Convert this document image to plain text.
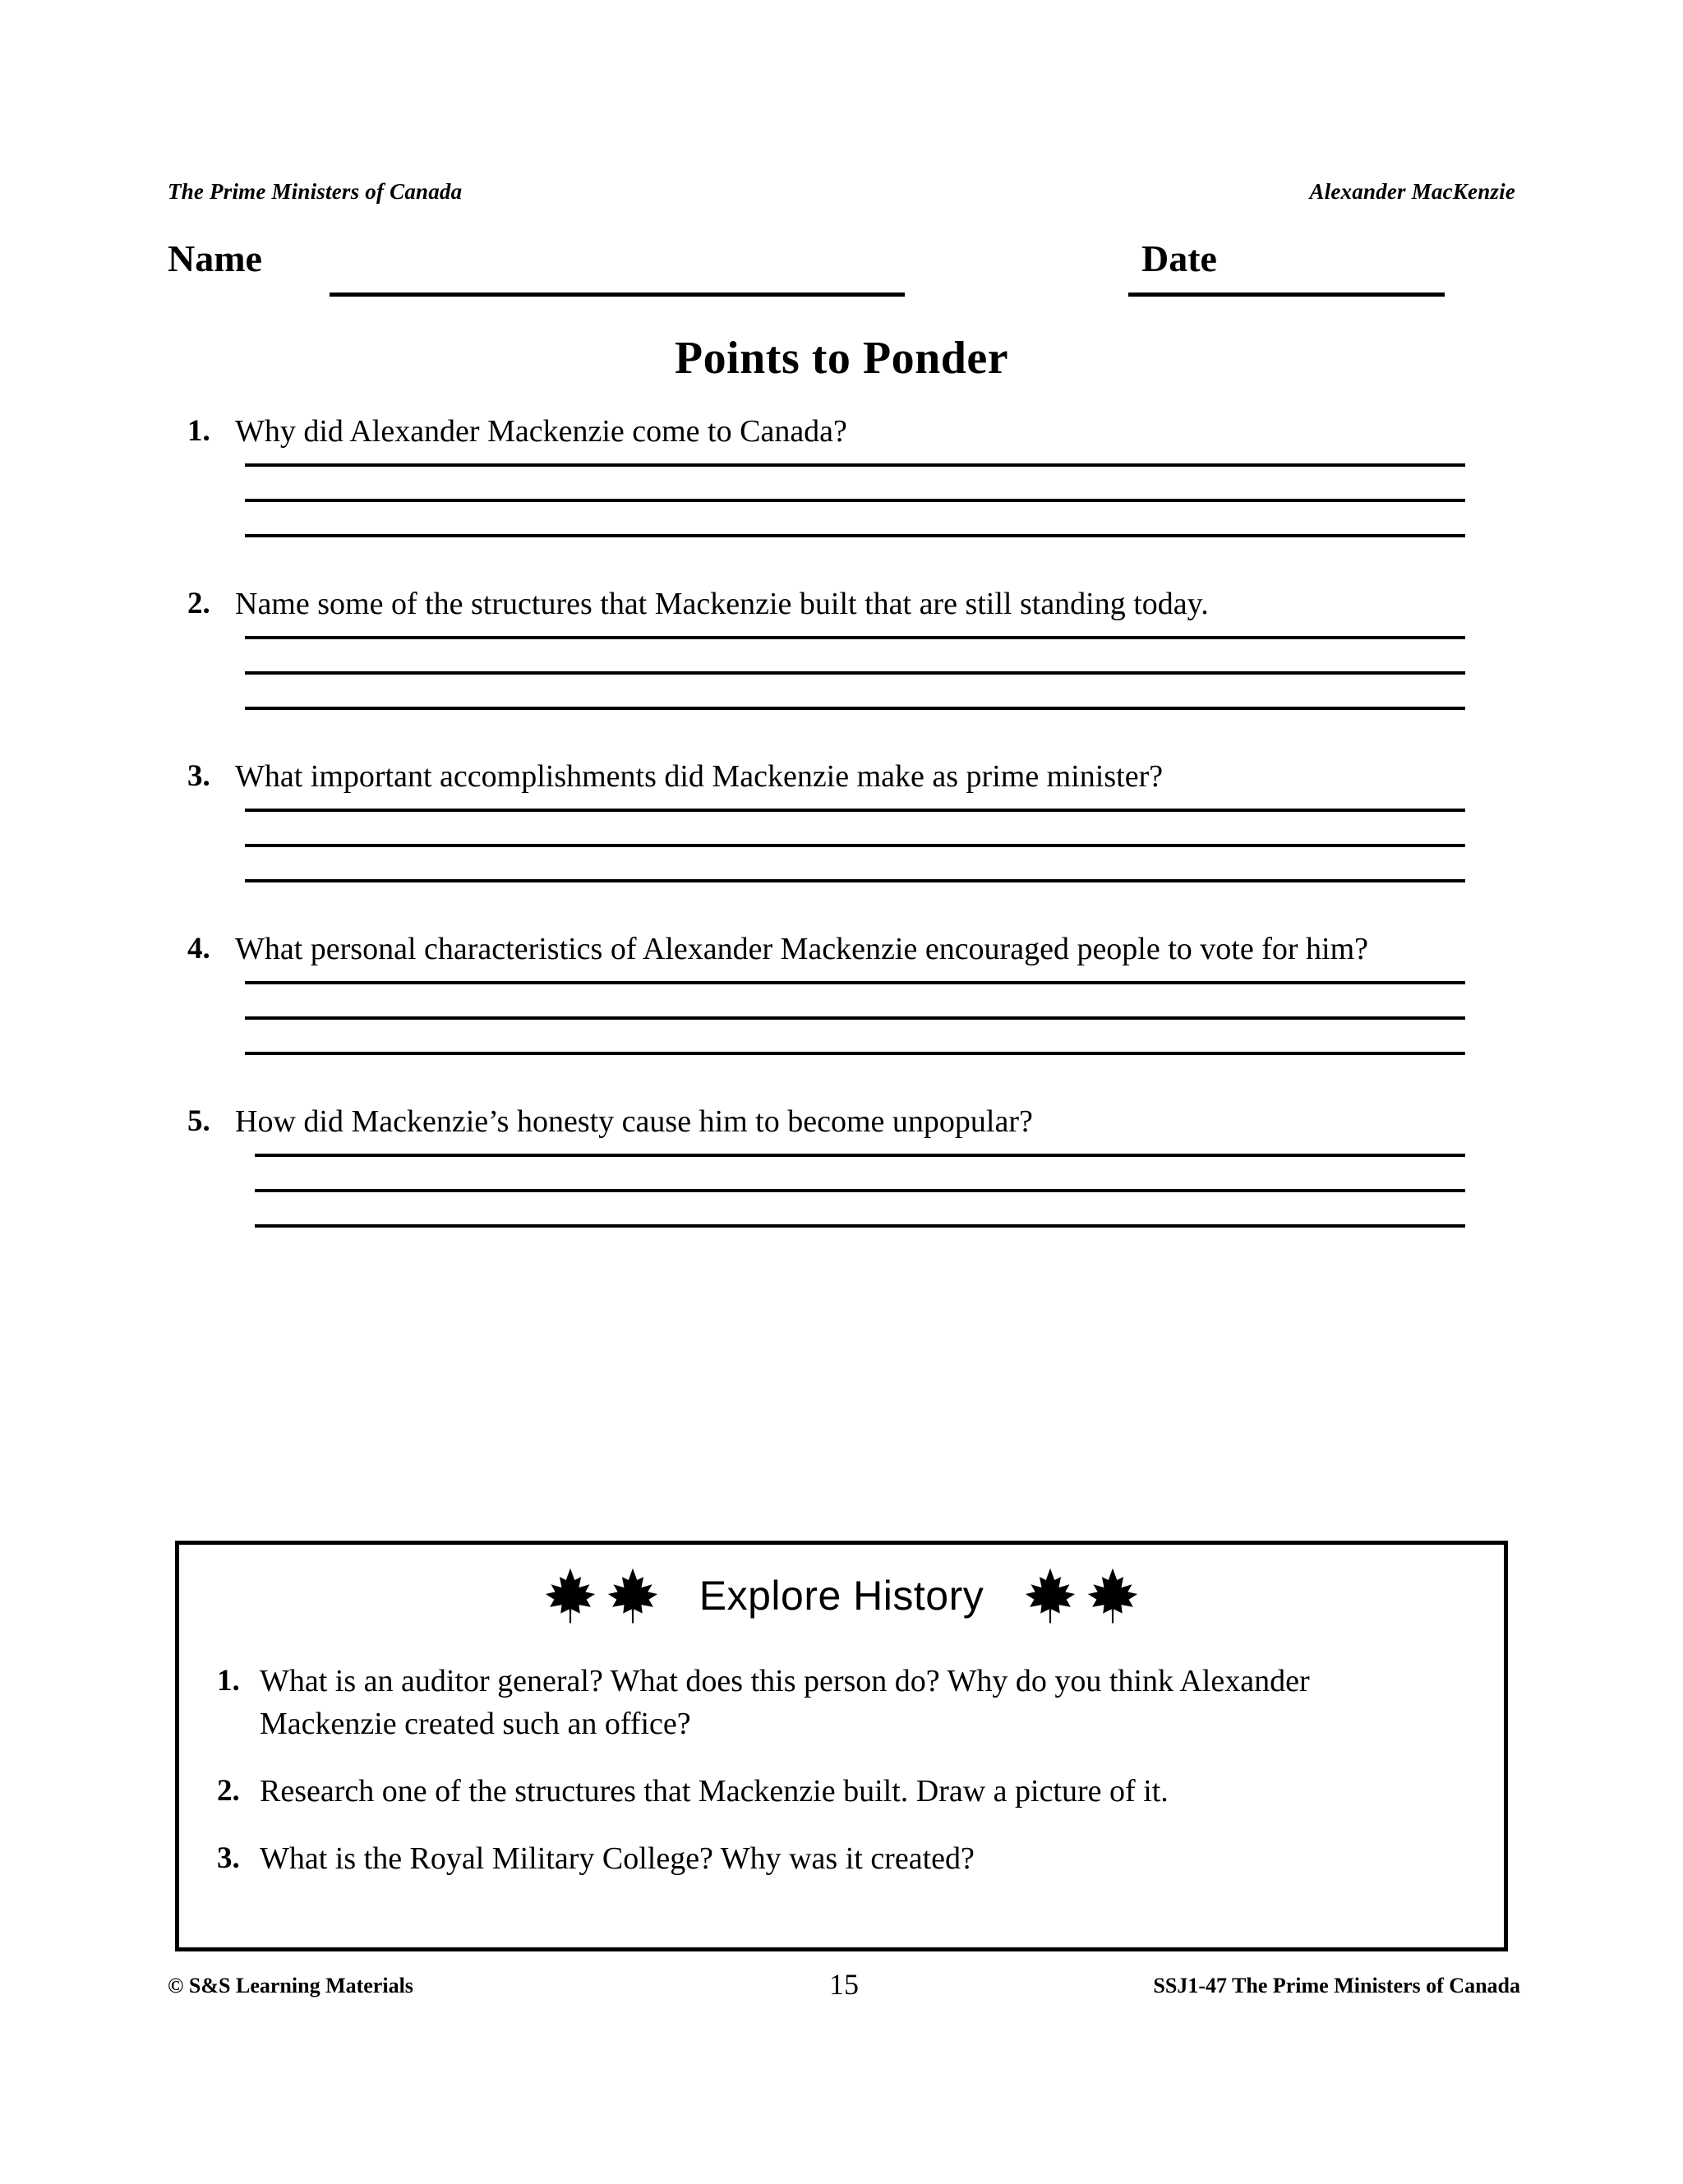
The Prime Ministers of Canada	Alexander MacKenzie
Name	Date
Points to Ponder
1. Why did Alexander Mackenzie come to Canada?
2. Name some of the structures that Mackenzie built that are still standing today.
3. What important accomplishments did Mackenzie make as prime minister?
4. What personal characteristics of Alexander Mackenzie encouraged people to vote for him?
5. How did Mackenzie’s honesty cause him to become unpopular?
Explore History
1. What is an auditor general? What does this person do? Why do you think Alexander Mackenzie created such an office?
2. Research one of the structures that Mackenzie built. Draw a picture of it.
3. What is the Royal Military College? Why was it created?
© S&S Learning Materials	15	SSJ1-47 The Prime Ministers of Canada
